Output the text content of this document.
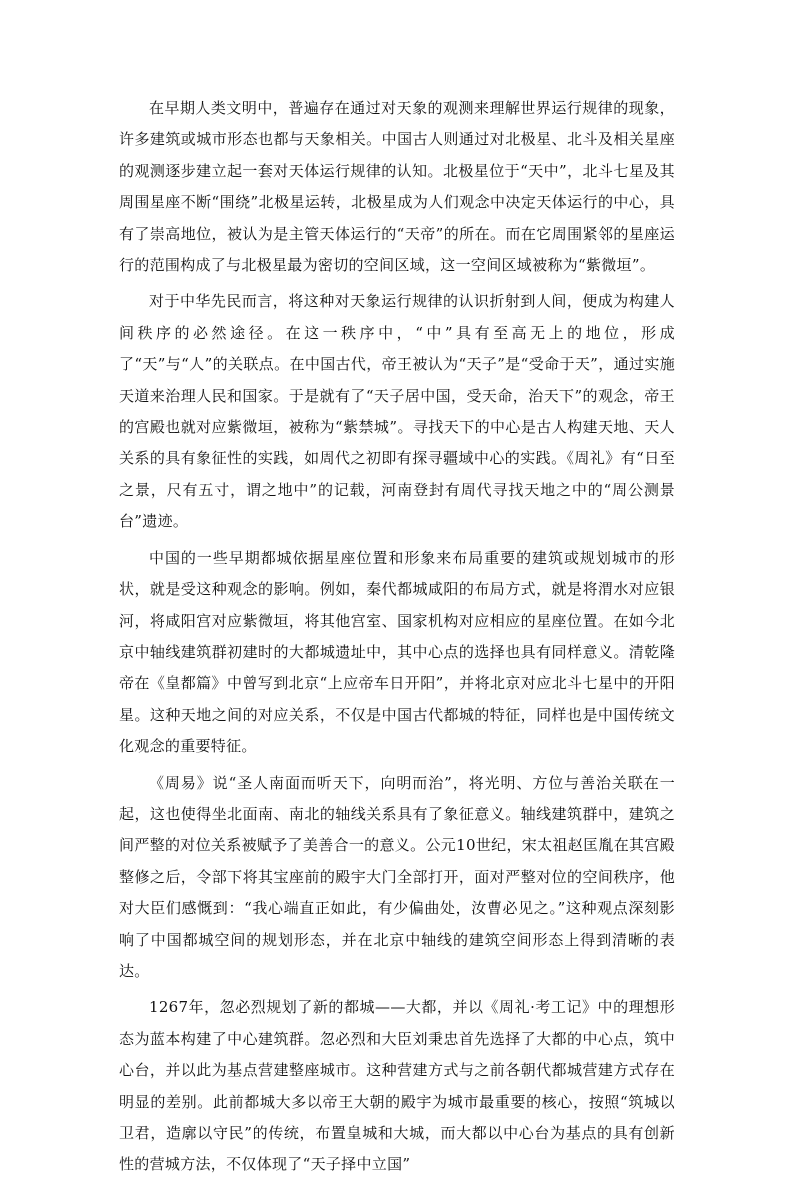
在早期人类文明中，普遍存在通过对天象的观测来理解世界运行规律的现象，许多建筑或城市形态也都与天象相关。中国古人则通过对北极星、北斗及相关星座的观测逐步建立起一套对天体运行规律的认知。北极星位于“天中”，北斗七星及其周围星座不断“围绕”北极星运转，北极星成为人们观念中决定天体运行的中心，具有了崇高地位，被认为是主管天体运行的“天帝”的所在。而在它周围紧邻的星座运行的范围构成了与北极星最为密切的空间区域，这一空间区域被称为“紫微垣”。

对于中华先民而言，将这种对天象运行规律的认识折射到人间，便成为构建人间秩序的必然途径。在这一秩序中，“中”具有至高无上的地位，形成了“天”与“人”的关联点。在中国古代，帝王被认为“天子”是“受命于天”，通过实施天道来治理人民和国家。于是就有了“天子居中国，受天命，治天下”的观念，帝王的宫殿也就对应紫微垣，被称为“紫禁城”。寻找天下的中心是古人构建天地、天人关系的具有象征性的实践，如周代之初即有探寻疆域中心的实践。《周礼》有“日至之景，尺有五寸，谓之地中”的记载，河南登封有周代寻找天地之中的“周公测景台”遗迹。

中国的一些早期都城依据星座位置和形象来布局重要的建筑或规划城市的形状，就是受这种观念的影响。例如，秦代都城咸阳的布局方式，就是将渭水对应银河，将咸阳宫对应紫微垣，将其他宫室、国家机构对应相应的星座位置。在如今北京中轴线建筑群初建时的大都城遗址中，其中心点的选择也具有同样意义。清乾隆帝在《皇都篇》中曾写到北京“上应帝车日开阳”，并将北京对应北斗七星中的开阳星。这种天地之间的对应关系，不仅是中国古代都城的特征，同样也是中国传统文化观念的重要特征。

《周易》说“圣人南面而听天下，向明而治”，将光明、方位与善治关联在一起，这也使得坐北面南、南北的轴线关系具有了象征意义。轴线建筑群中，建筑之间严整的对位关系被赋予了美善合一的意义。公元10世纪，宋太祖赵匡胤在其宫殿整修之后，令部下将其宝座前的殿宇大门全部打开，面对严整对位的空间秩序，他对大臣们感慨到：“我心端直正如此，有少偏曲处，汝曹必见之。”这种观点深刻影响了中国都城空间的规划形态，并在北京中轴线的建筑空间形态上得到清晰的表达。

1267年，忽必烈规划了新的都城——大都，并以《周礼·考工记》中的理想形态为蓝本构建了中心建筑群。忽必烈和大臣刘秉忠首先选择了大都的中心点，筑中心台，并以此为基点营建整座城市。这种营建方式与之前各朝代都城营建方式存在明显的差别。此前都城大多以帝王大朝的殿宇为城市最重要的核心，按照“筑城以卫君，造廓以守民”的传统，布置皇城和大城，而大都以中心台为基点的具有创新性的营城方法，不仅体现了“天子择中立国”
